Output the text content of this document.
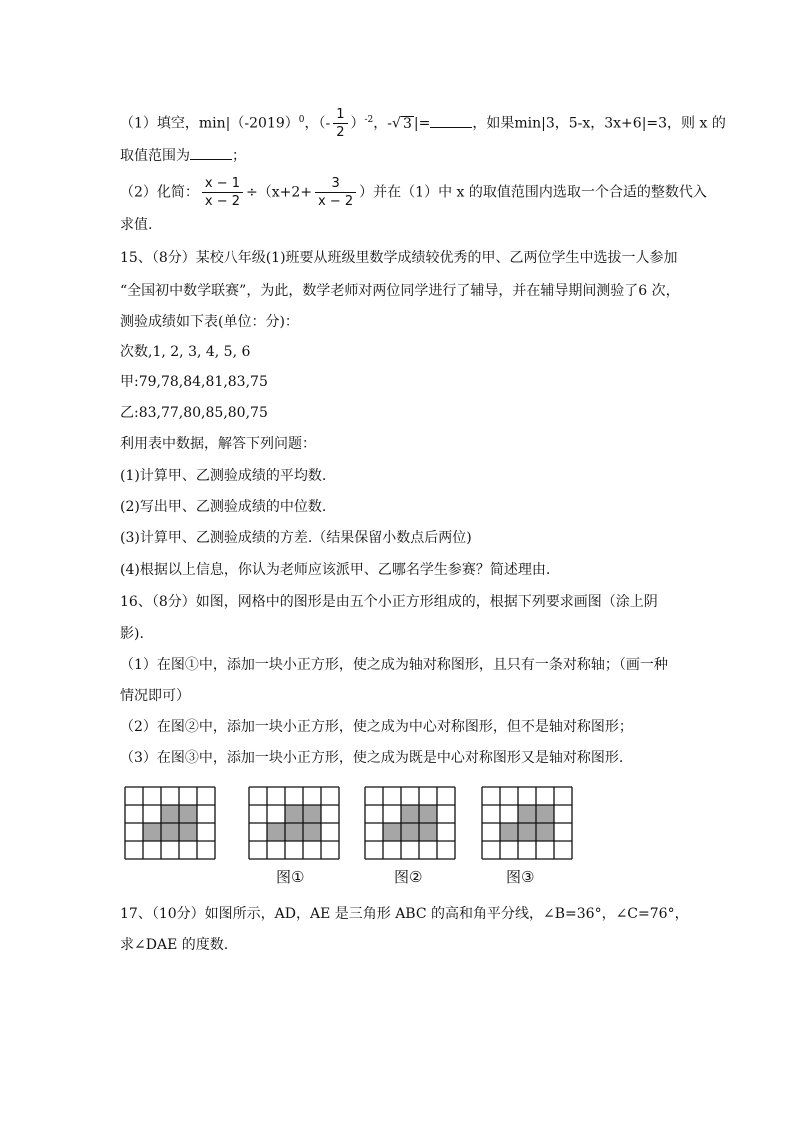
（1）填空，$\min|(-2019)^0$，（- $\frac{1}{2} )^{-2}$，-√ 3 |=	，如果min|3，5-x，3x+6|=3，则 x 的
取值范围为	；
（2）化简： $\frac{x - 1}{x - 2} \div(x+2+ \frac{3}{x - 2}$ ）并在（1）中 x 的取值范围内选取一个合适的整数代入
求值.
15、（8分）某校八年级(1)班要从班级里数学成绩较优秀的甲、乙两位学生中选拔一人参加
“全国初中数学联赛”，为此，数学老师对两位同学进行了辅导，并在辅导期间测验了6 次，
测验成绩如下表(单位：分)：
次数,1, 2, 3, 4, 5, 6
甲:79,78,84,81,83,75
乙:83,77,80,85,80,75
利用表中数据，解答下列问题：
(1)计算甲、乙测验成绩的平均数.
(2)写出甲、乙测验成绩的中位数.
(3)计算甲、乙测验成绩的方差.（结果保留小数点后两位)
(4)根据以上信息，你认为老师应该派甲、乙哪名学生参赛？简述理由.
16、（8分）如图，网格中的图形是由五个小正方形组成的，根据下列要求画图（涂上阴
影).
（1）在图①中，添加一块小正方形，使之成为轴对称图形，且只有一条对称轴；（画一种
情况即可）
（2）在图②中，添加一块小正方形，使之成为中心对称图形，但不是轴对称图形；
（3）在图③中，添加一块小正方形，使之成为既是中心对称图形又是轴对称图形.
图①	图②	图③
17、（10分）如图所示，AD，AE 是三角形 ABC 的高和角平分线，∠B=36°，∠C=76°，
求∠DAE 的度数.
